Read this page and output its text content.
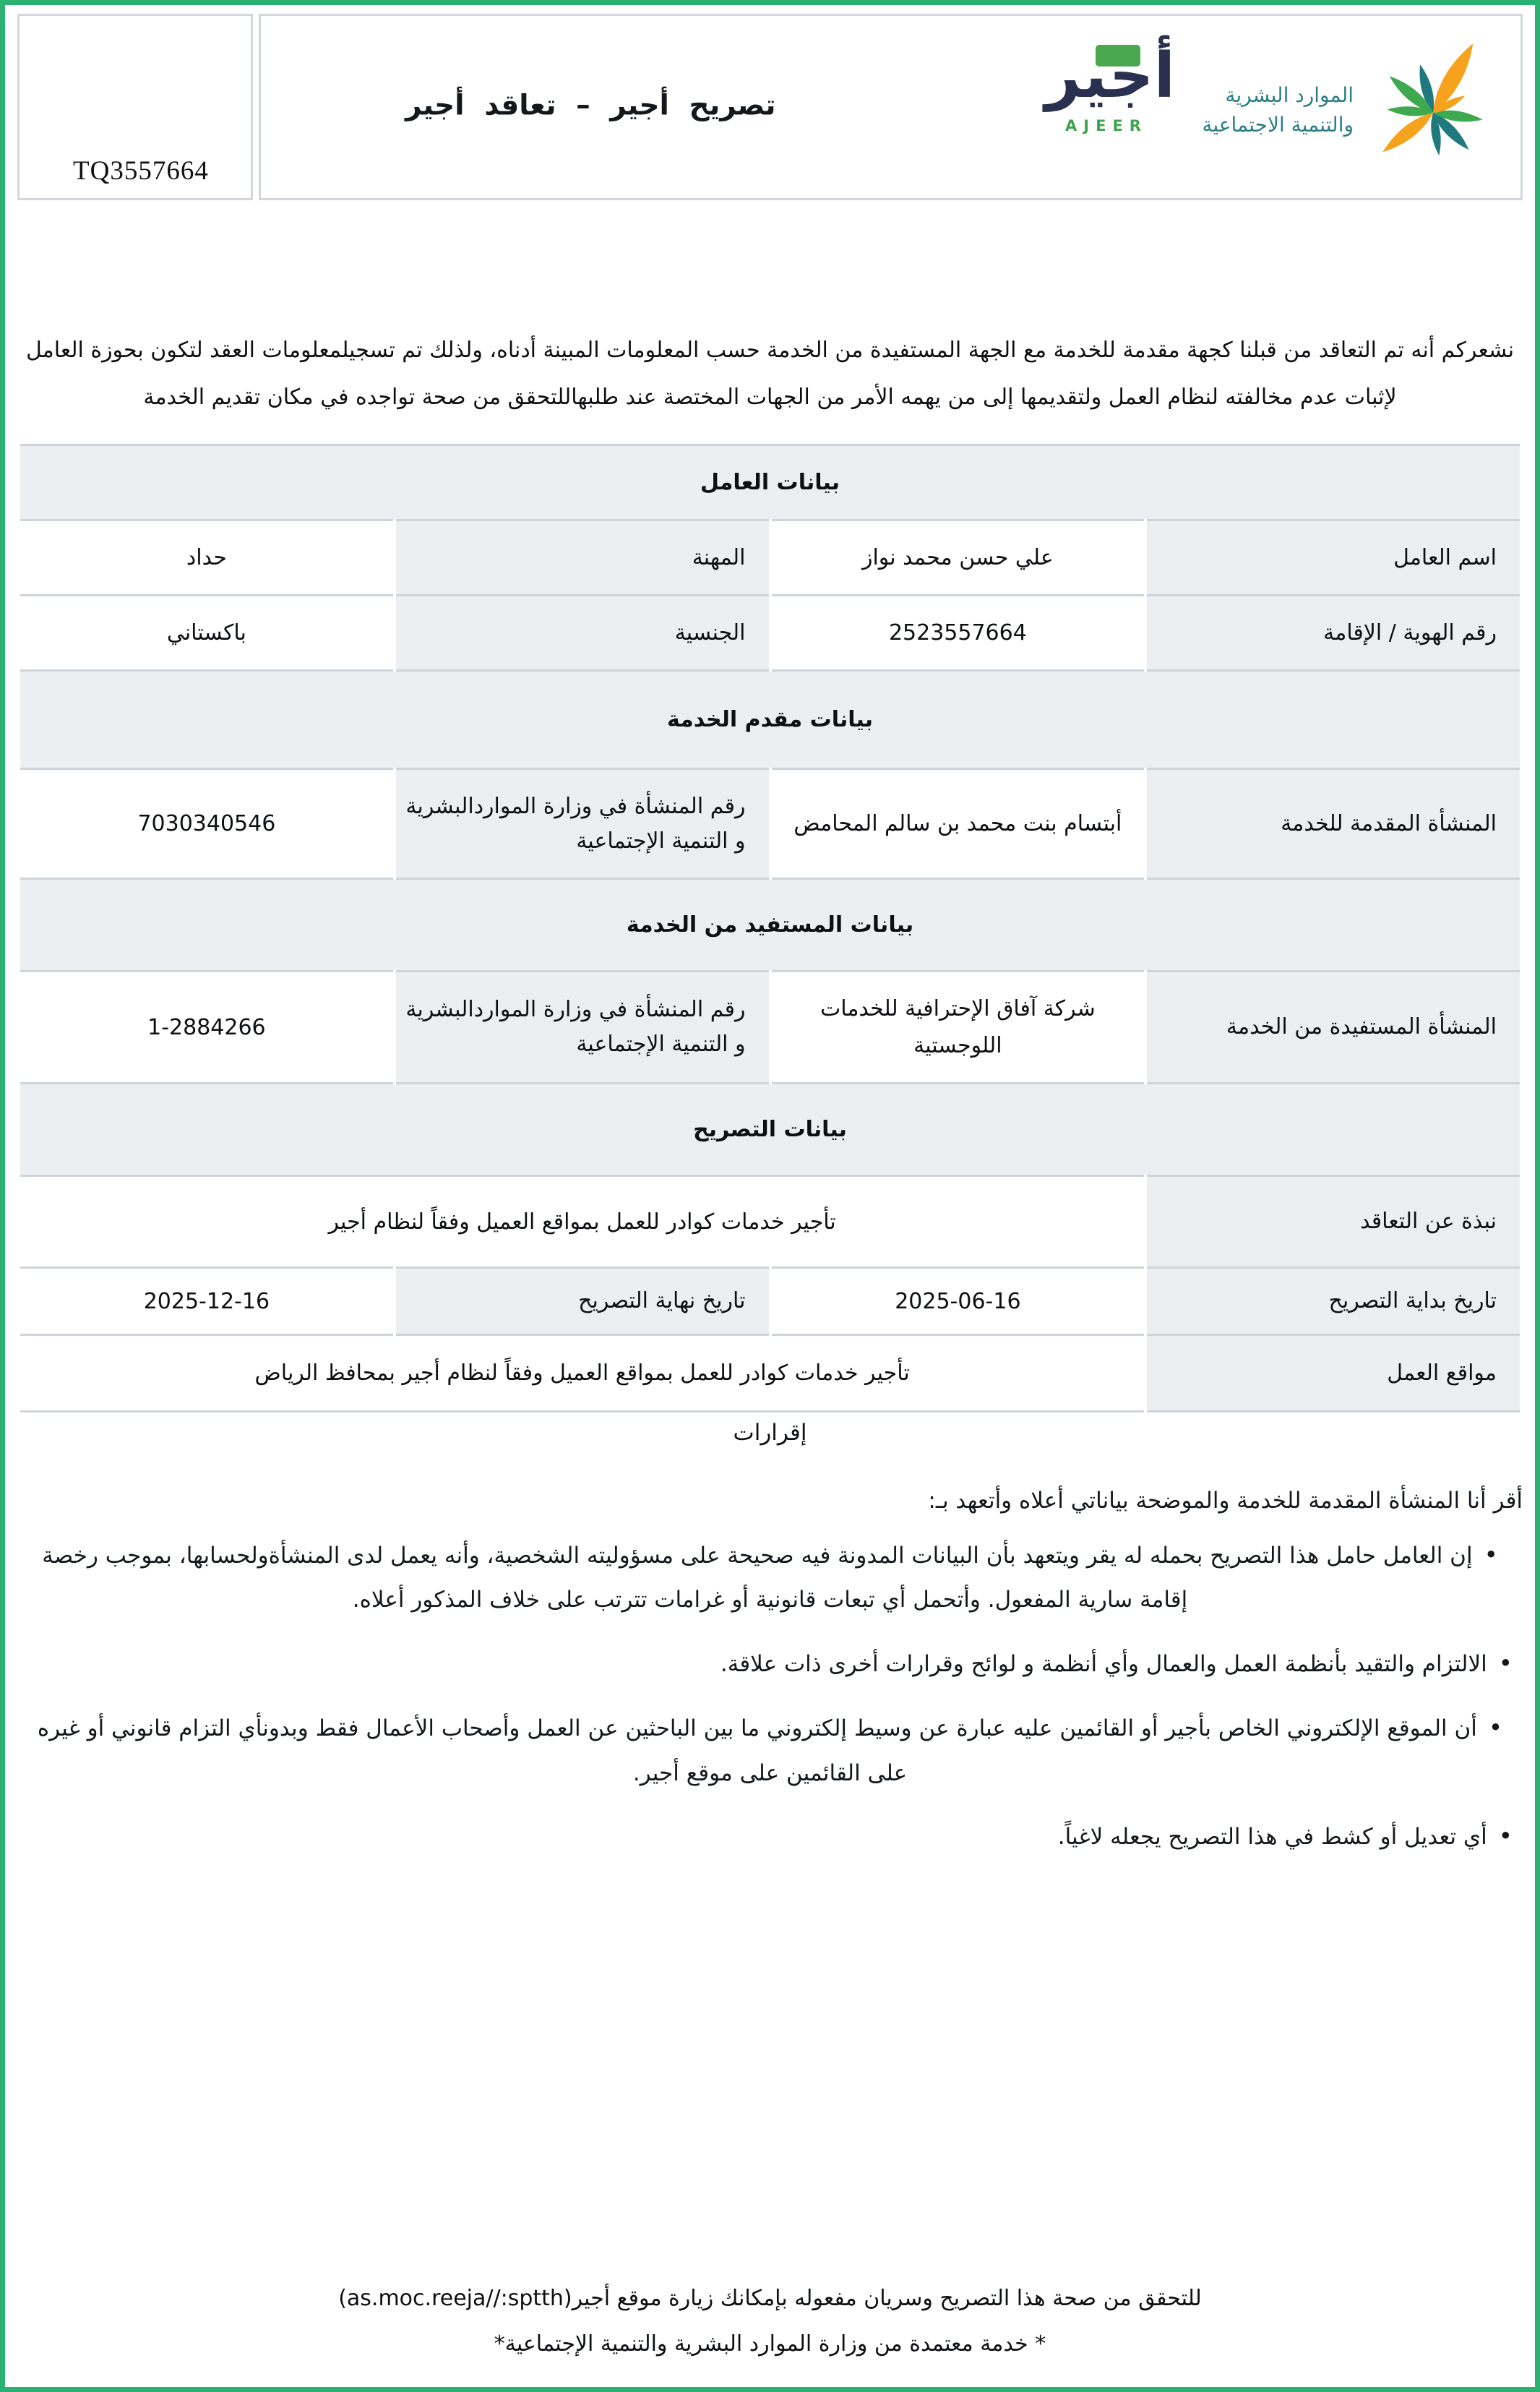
TQ3557664
تصريح أجير – تعاقد أجير	أجير
AJEER
الموارد البشرية
والتنمية الاجتماعية

نشعركم أنه تم التعاقد من قبلنا كجهة مقدمة للخدمة مع الجهة المستفيدة من الخدمة حسب المعلومات المبينة أدناه، ولذلك تم تسجيلمعلومات العقد لتكون بحوزة العامل لإثبات عدم مخالفته لنظام العمل ولتقديمها إلى من يهمه الأمر من الجهات المختصة عند طلبهاللتحقق من صحة تواجده في مكان تقديم الخدمة

بيانات العامل			
اسم العامل	علي حسن محمد نواز	المهنة	حداد
رقم الهوية / الإقامة	2523557664	الجنسية	باكستاني
بيانات مقدم الخدمة			
المنشأة المقدمة للخدمة	أبتسام بنت محمد بن سالم المحامض	رقم المنشأة في وزارة المواردالبشرية و التنمية الإجتماعية	7030340546
بيانات المستفيد من الخدمة			
المنشأة المستفيدة من الخدمة	شركة آفاق الإحترافية للخدمات اللوجستية	رقم المنشأة في وزارة المواردالبشرية و التنمية الإجتماعية	1-2884266
بيانات التصريح			
نبذة عن التعاقد	تأجير خدمات كوادر للعمل بمواقع العميل وفقاً لنظام أجير		
تاريخ بداية التصريح	2025-06-16	تاريخ نهاية التصريح	2025-12-16
مواقع العمل	تأجير خدمات كوادر للعمل بمواقع العميل وفقاً لنظام أجير بمحافظ الرياض		
إقرارات
أقر أنا المنشأة المقدمة للخدمة والموضحة بياناتي أعلاه وأتعهد بـ:
• إن العامل حامل هذا التصريح بحمله له يقر ويتعهد بأن البيانات المدونة فيه صحيحة على مسؤوليته الشخصية، وأنه يعمل لدى المنشأةولحسابها، بموجب رخصة إقامة سارية المفعول. وأتحمل أي تبعات قانونية أو غرامات تترتب على خلاف المذكور أعلاه.
• الالتزام والتقيد بأنظمة العمل والعمال وأي أنظمة و لوائح وقرارات أخرى ذات علاقة.
• أن الموقع الإلكتروني الخاص بأجير أو القائمين عليه عبارة عن وسيط إلكتروني ما بين الباحثين عن العمل وأصحاب الأعمال فقط وبدونأي التزام قانوني أو غيره على القائمين على موقع أجير.
• أي تعديل أو كشط في هذا التصريح يجعله لاغياً.
للتحقق من صحة هذا التصريح وسريان مفعوله بإمكانك زيارة موقع أجير(as.moc.reeja//:sptth)
* خدمة معتمدة من وزارة الموارد البشرية والتنمية الإجتماعية*
